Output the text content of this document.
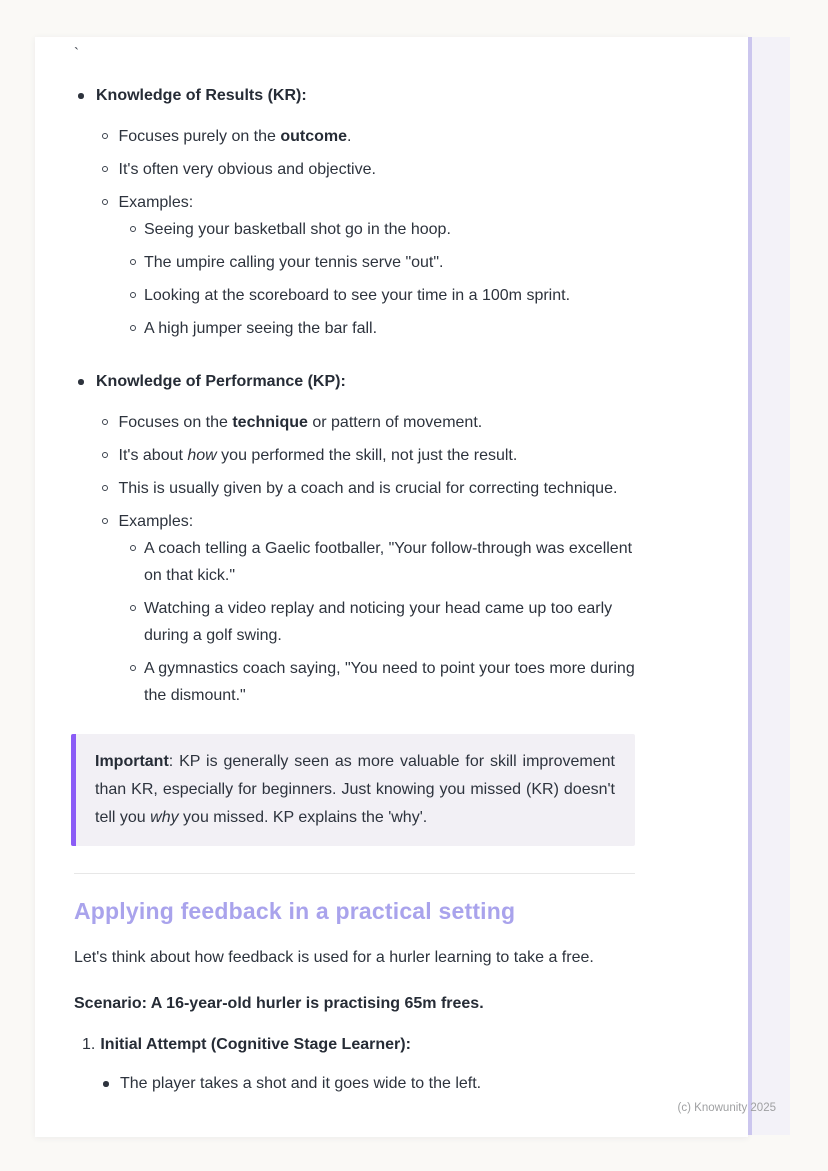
`
Knowledge of Results (KR):
Focuses purely on the outcome.
It's often very obvious and objective.
Examples:
Seeing your basketball shot go in the hoop.
The umpire calling your tennis serve "out".
Looking at the scoreboard to see your time in a 100m sprint.
A high jumper seeing the bar fall.
Knowledge of Performance (KP):
Focuses on the technique or pattern of movement.
It's about how you performed the skill, not just the result.
This is usually given by a coach and is crucial for correcting technique.
Examples:
A coach telling a Gaelic footballer, "Your follow-through was excellent on that kick."
Watching a video replay and noticing your head came up too early during a golf swing.
A gymnastics coach saying, "You need to point your toes more during the dismount."
Important: KP is generally seen as more valuable for skill improvement than KR, especially for beginners. Just knowing you missed (KR) doesn't tell you why you missed. KP explains the 'why'.
Applying feedback in a practical setting

Let's think about how feedback is used for a hurler learning to take a free.

Scenario: A 16-year-old hurler is practising 65m frees.

1. Initial Attempt (Cognitive Stage Learner):
The player takes a shot and it goes wide to the left.
(c) Knowunity 2025
